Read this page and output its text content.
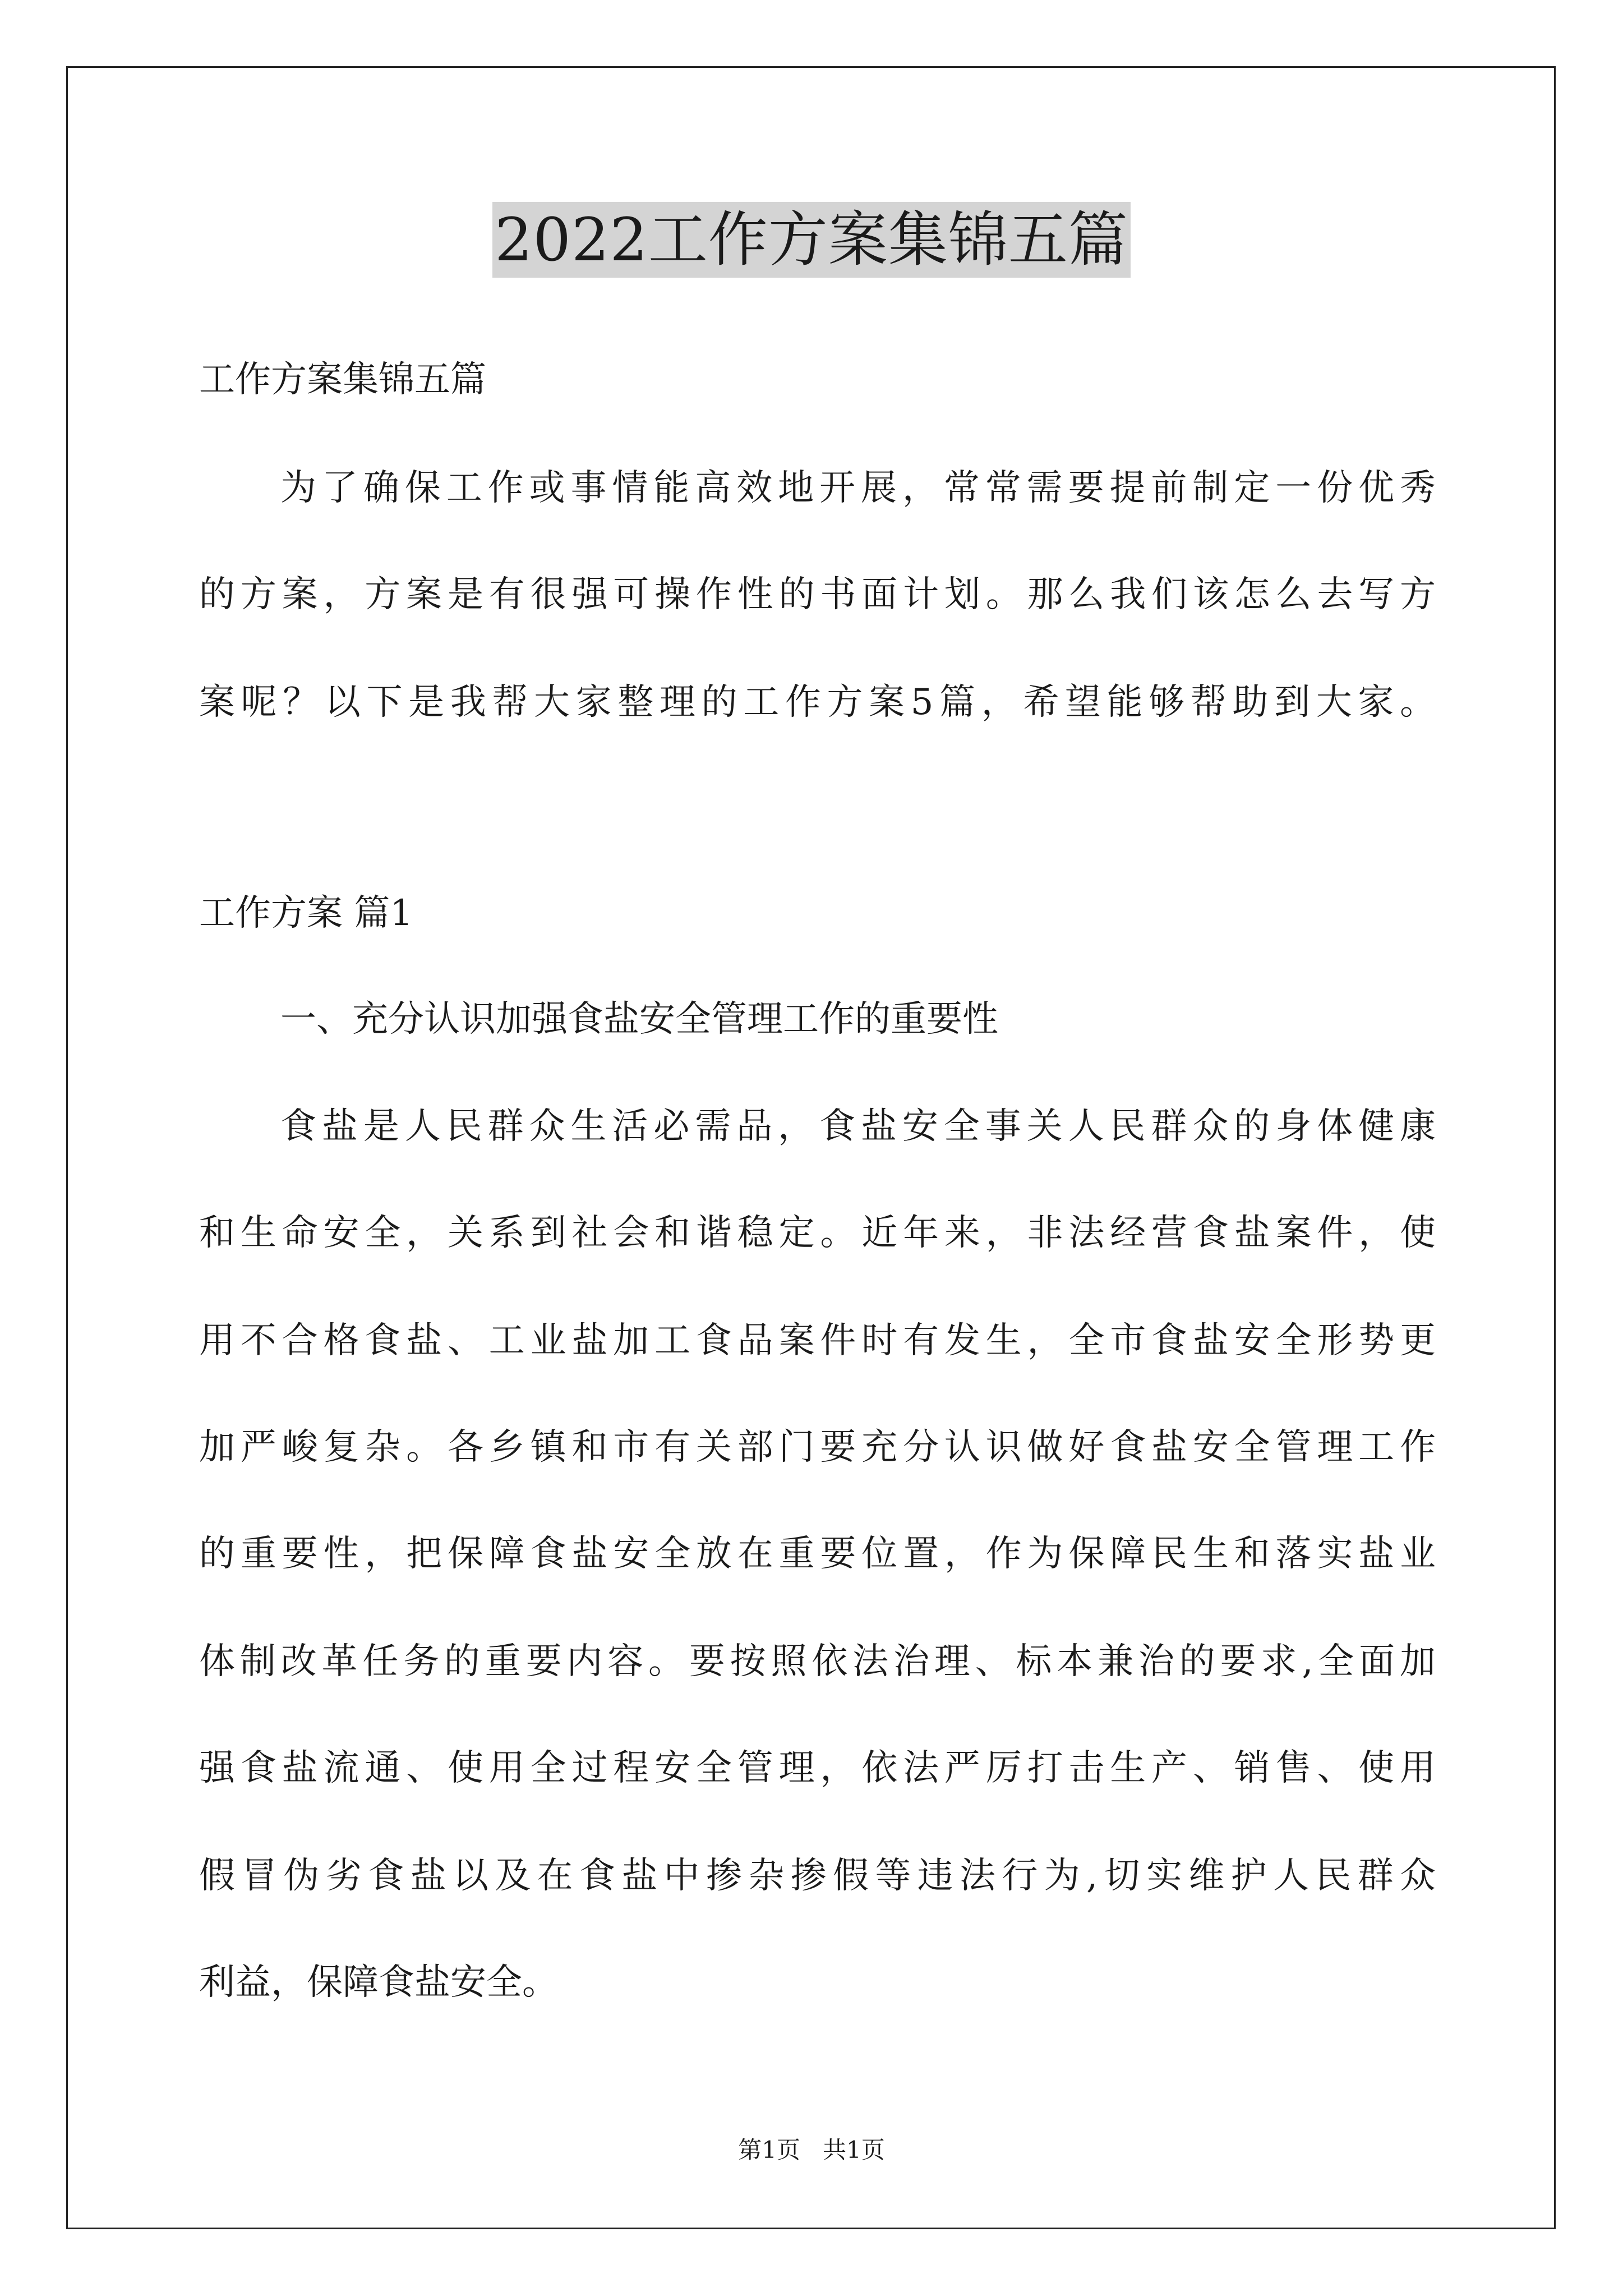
2022工作方案集锦五篇
工作方案集锦五篇
为了确保工作或事情能高效地开展，常常需要提前制定一份优秀
的方案，方案是有很强可操作性的书面计划。那么我们该怎么去写方
案呢？以下是我帮大家整理的工作方案5篇，希望能够帮助到大家。
工作方案 篇1
一、充分认识加强食盐安全管理工作的重要性
食盐是人民群众生活必需品，食盐安全事关人民群众的身体健康
和生命安全，关系到社会和谐稳定。近年来，非法经营食盐案件，使
用不合格食盐、工业盐加工食品案件时有发生，全市食盐安全形势更
加严峻复杂。各乡镇和市有关部门要充分认识做好食盐安全管理工作
的重要性，把保障食盐安全放在重要位置，作为保障民生和落实盐业
体制改革任务的重要内容。要按照依法治理、标本兼治的要求,全面加
强食盐流通、使用全过程安全管理，依法严厉打击生产、销售、使用
假冒伪劣食盐以及在食盐中掺杂掺假等违法行为,切实维护人民群众
利益，保障食盐安全。
第1页   共1页
